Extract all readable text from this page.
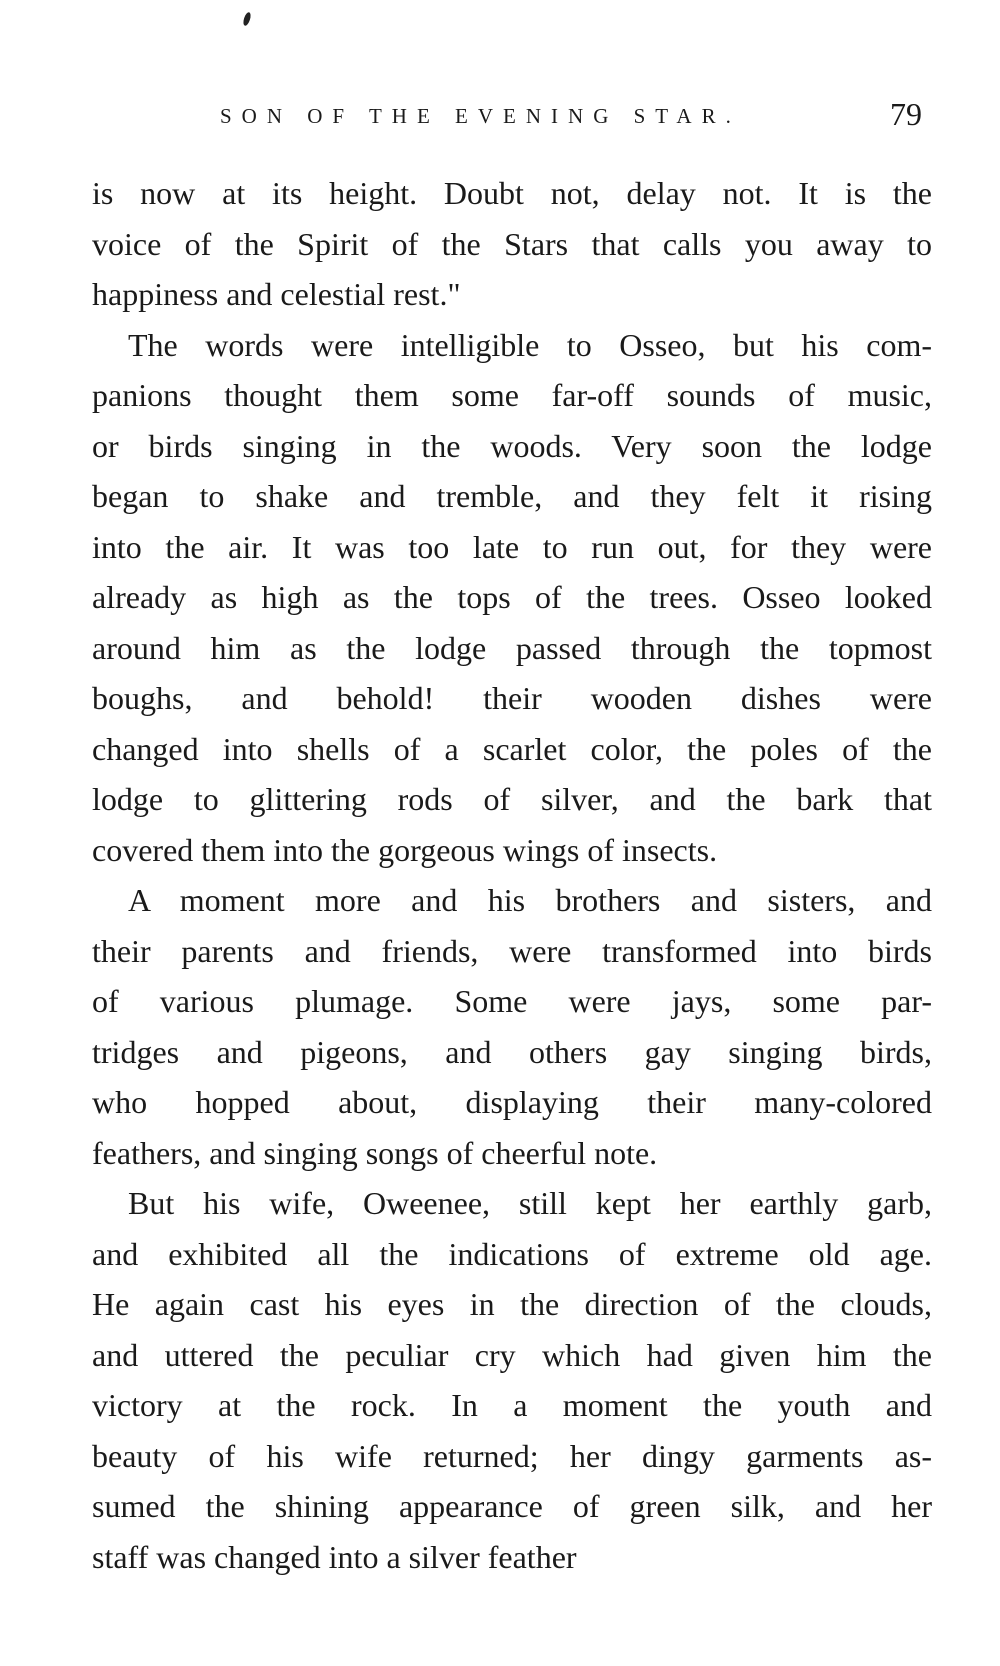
SON OF THE EVENING STAR.	79

is now at its height. Doubt not, delay not. It is the
voice of the Spirit of the Stars that calls you away to
happiness and celestial rest."

The words were intelligible to Osseo, but his com-
panions thought them some far-off sounds of music,
or birds singing in the woods. Very soon the lodge
began to shake and tremble, and they felt it rising
into the air. It was too late to run out, for they were
already as high as the tops of the trees. Osseo looked
around him as the lodge passed through the topmost
boughs, and behold! their wooden dishes were
changed into shells of a scarlet color, the poles of the
lodge to glittering rods of silver, and the bark that
covered them into the gorgeous wings of insects.

A moment more and his brothers and sisters, and
their parents and friends, were transformed into birds
of various plumage. Some were jays, some par-
tridges and pigeons, and others gay singing birds,
who hopped about, displaying their many-colored
feathers, and singing songs of cheerful note.

But his wife, Oweenee, still kept her earthly garb,
and exhibited all the indications of extreme old age.
He again cast his eyes in the direction of the clouds,
and uttered the peculiar cry which had given him the
victory at the rock. In a moment the youth and
beauty of his wife returned; her dingy garments as-
sumed the shining appearance of green silk, and her
staff was changed into a silver feather
